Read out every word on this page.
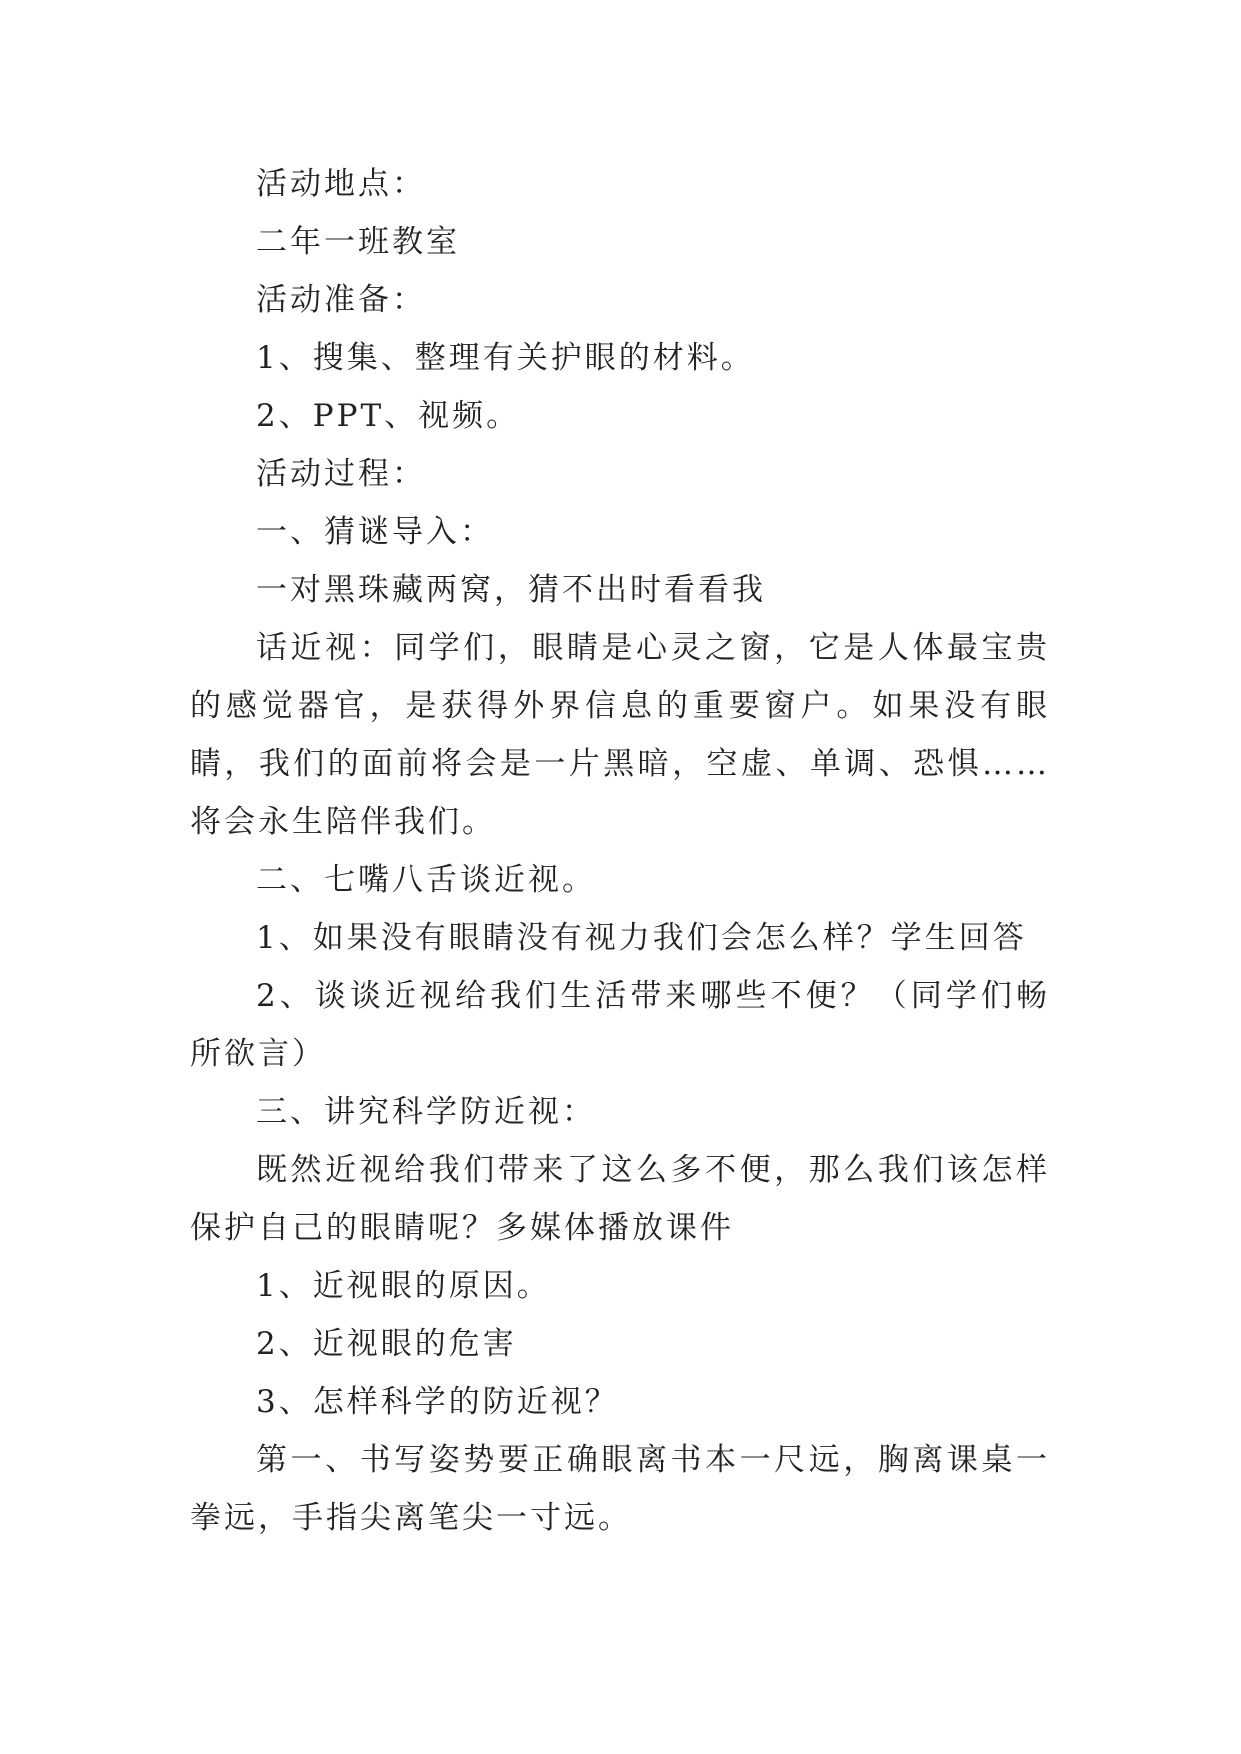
活动地点：

二年一班教室

活动准备：

1、搜集、整理有关护眼的材料。

2、PPT、视频。

活动过程：

一、猜谜导入：

一对黑珠藏两窝，猜不出时看看我

话近视：同学们，眼睛是心灵之窗，它是人体最宝贵的感觉器官，是获得外界信息的重要窗户。如果没有眼睛，我们的面前将会是一片黑暗，空虚、单调、恐惧……将会永生陪伴我们。

二、七嘴八舌谈近视。

1、如果没有眼睛没有视力我们会怎么样？学生回答

2、谈谈近视给我们生活带来哪些不便？（同学们畅所欲言）

三、讲究科学防近视：

既然近视给我们带来了这么多不便，那么我们该怎样保护自己的眼睛呢？多媒体播放课件

1、近视眼的原因。

2、近视眼的危害

3、怎样科学的防近视？

第一、书写姿势要正确眼离书本一尺远，胸离课桌一拳远，手指尖离笔尖一寸远。
